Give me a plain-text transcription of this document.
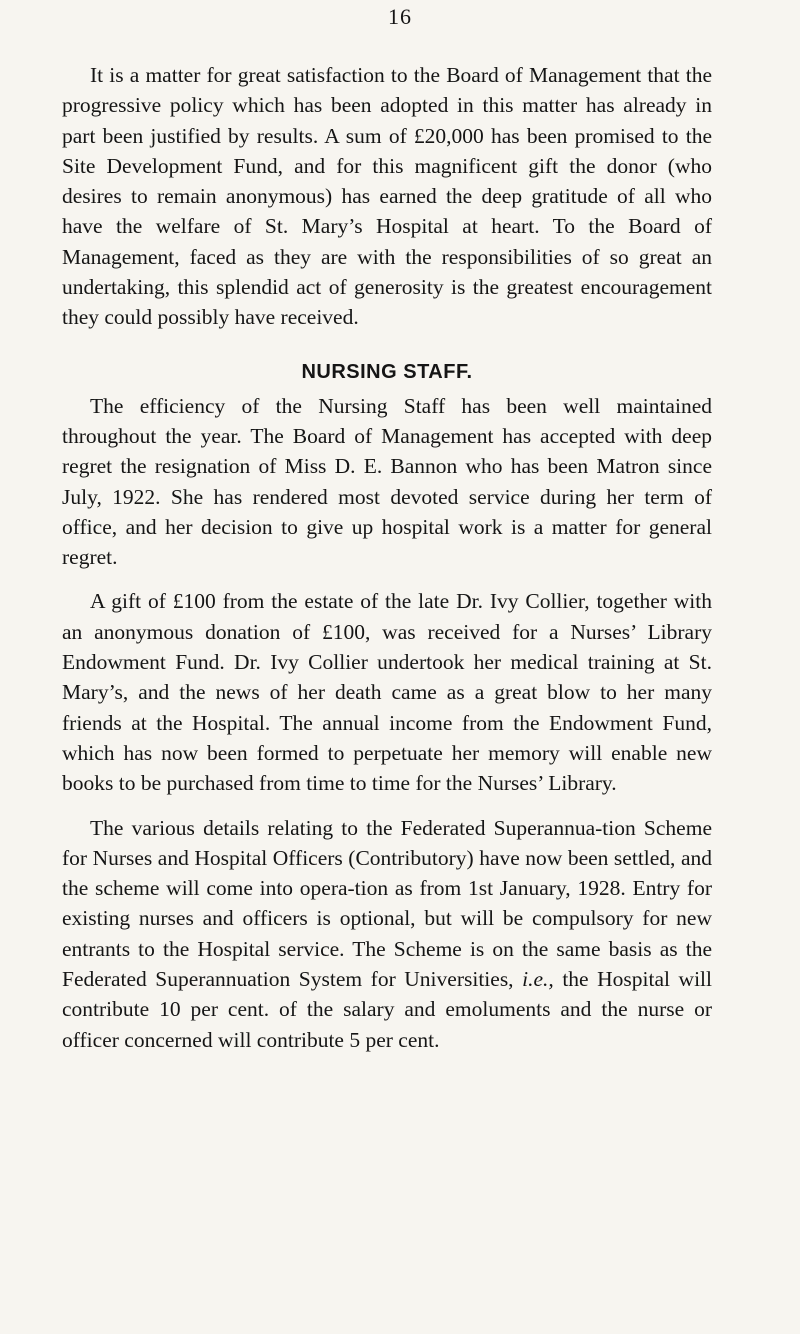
16

It is a matter for great satisfaction to the Board of Management that the progressive policy which has been adopted in this matter has already in part been justified by results. A sum of £20,000 has been promised to the Site Development Fund, and for this magnificent gift the donor (who desires to remain anonymous) has earned the deep gratitude of all who have the welfare of St. Mary’s Hospital at heart. To the Board of Management, faced as they are with the responsibilities of so great an undertaking, this splendid act of generosity is the greatest encouragement they could possibly have received.

NURSING STAFF.

The efficiency of the Nursing Staff has been well maintained throughout the year. The Board of Management has accepted with deep regret the resignation of Miss D. E. Bannon who has been Matron since July, 1922. She has rendered most devoted service during her term of office, and her decision to give up hospital work is a matter for general regret.

A gift of £100 from the estate of the late Dr. Ivy Collier, together with an anonymous donation of £100, was received for a Nurses’ Library Endowment Fund. Dr. Ivy Collier undertook her medical training at St. Mary’s, and the news of her death came as a great blow to her many friends at the Hospital. The annual income from the Endowment Fund, which has now been formed to perpetuate her memory will enable new books to be purchased from time to time for the Nurses’ Library.

The various details relating to the Federated Superannua-tion Scheme for Nurses and Hospital Officers (Contributory) have now been settled, and the scheme will come into opera-tion as from 1st January, 1928. Entry for existing nurses and officers is optional, but will be compulsory for new entrants to the Hospital service. The Scheme is on the same basis as the Federated Superannuation System for Universities, i.e., the Hospital will contribute 10 per cent. of the salary and emoluments and the nurse or officer concerned will contribute 5 per cent.
